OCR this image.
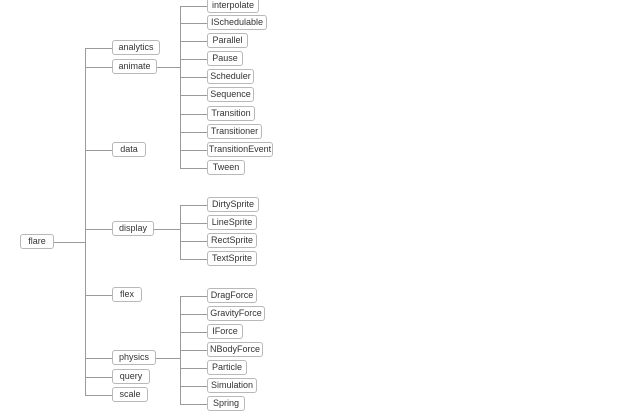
flare
analytics
animate
data
display
flex
physics
query
scale
interpolate
ISchedulable
Parallel
Pause
Scheduler
Sequence
Transition
Transitioner
TransitionEvent
Tween
DirtySprite
LineSprite
RectSprite
TextSprite
DragForce
GravityForce
IForce
NBodyForce
Particle
Simulation
Spring
